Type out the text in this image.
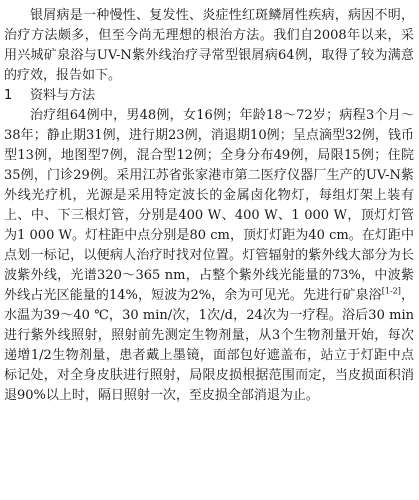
银屑病是一种慢性、复发性、炎症性红斑鳞屑性疾病，病因不明，治疗方法颇多，但至今尚无理想的根治方法。我们自2008年以来，采用兴城矿泉浴与UV-N紫外线治疗寻常型银屑病64例，取得了较为满意的疗效，报告如下。

1 资料与方法

治疗组64例中，男48例，女16例；年龄18～72岁；病程3个月～38年；静止期31例，进行期23例，消退期10例；呈点滴型32例，钱币型13例，地图型7例，混合型12例；全身分布49例，局限15例；住院35例，门诊29例。采用江苏省张家港市第二医疗仪器厂生产的UV-N紫外线光疗机，光源是采用特定波长的金属卤化物灯，每组灯架上装有上、中、下三根灯管，分别是400 W、400 W、1 000 W，顶灯灯管为1 000 W。灯柱距中点分别是80 cm，顶灯灯距为40 cm。在灯距中点划一标记，以便病人治疗时找对位置。灯管辐射的紫外线大部分为长波紫外线，光谱320～365 nm，占整个紫外线光能量的73%，中波紫外线占光区能量的14%，短波为2%，余为可见光。先进行矿泉浴[1-2]，水温为39～40 ℃，30 min/次，1次/d，24次为一疗程。浴后30 min进行紫外线照射，照射前先测定生物剂量，从3个生物剂量开始，每次递增1/2生物剂量，患者戴上墨镜，面部包好遮盖布，站立于灯距中点标记处，对全身皮肤进行照射，局限皮损根据范围而定，当皮损面积消退90%以上时，隔日照射一次，至皮损全部消退为止。
